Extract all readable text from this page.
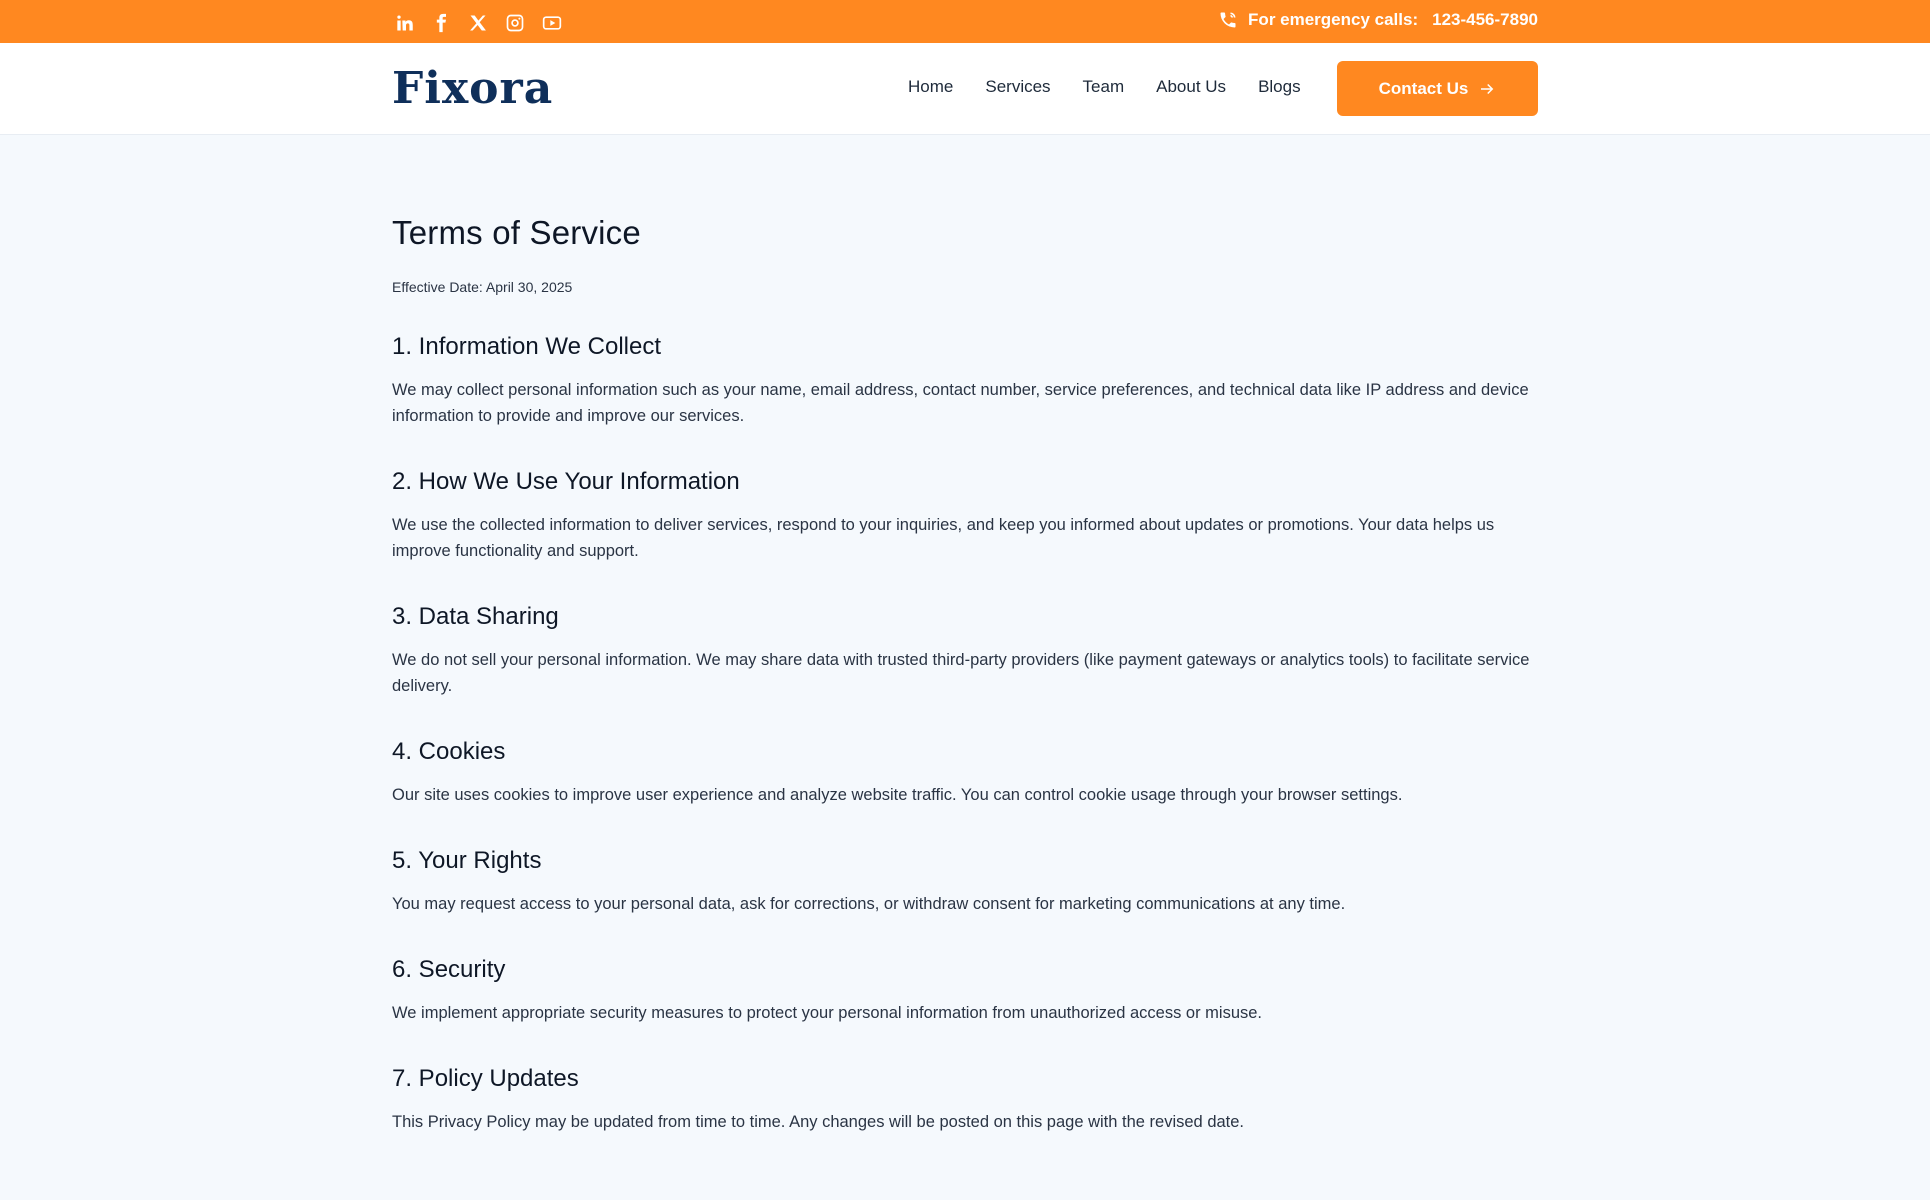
For emergency calls: 123-456-7890
Fixora	Home Services Team About Us Blogs	Contact Us
Terms of Service
Effective Date: April 30, 2025
1. Information We Collect

We may collect personal information such as your name, email address, contact number, service preferences, and technical data like IP address and device information to provide and improve our services.

2. How We Use Your Information

We use the collected information to deliver services, respond to your inquiries, and keep you informed about updates or promotions. Your data helps us improve functionality and support.

3. Data Sharing

We do not sell your personal information. We may share data with trusted third-party providers (like payment gateways or analytics tools) to facilitate service delivery.

4. Cookies

Our site uses cookies to improve user experience and analyze website traffic. You can control cookie usage through your browser settings.

5. Your Rights

You may request access to your personal data, ask for corrections, or withdraw consent for marketing communications at any time.

6. Security

We implement appropriate security measures to protect your personal information from unauthorized access or misuse.

7. Policy Updates

This Privacy Policy may be updated from time to time. Any changes will be posted on this page with the revised date.
